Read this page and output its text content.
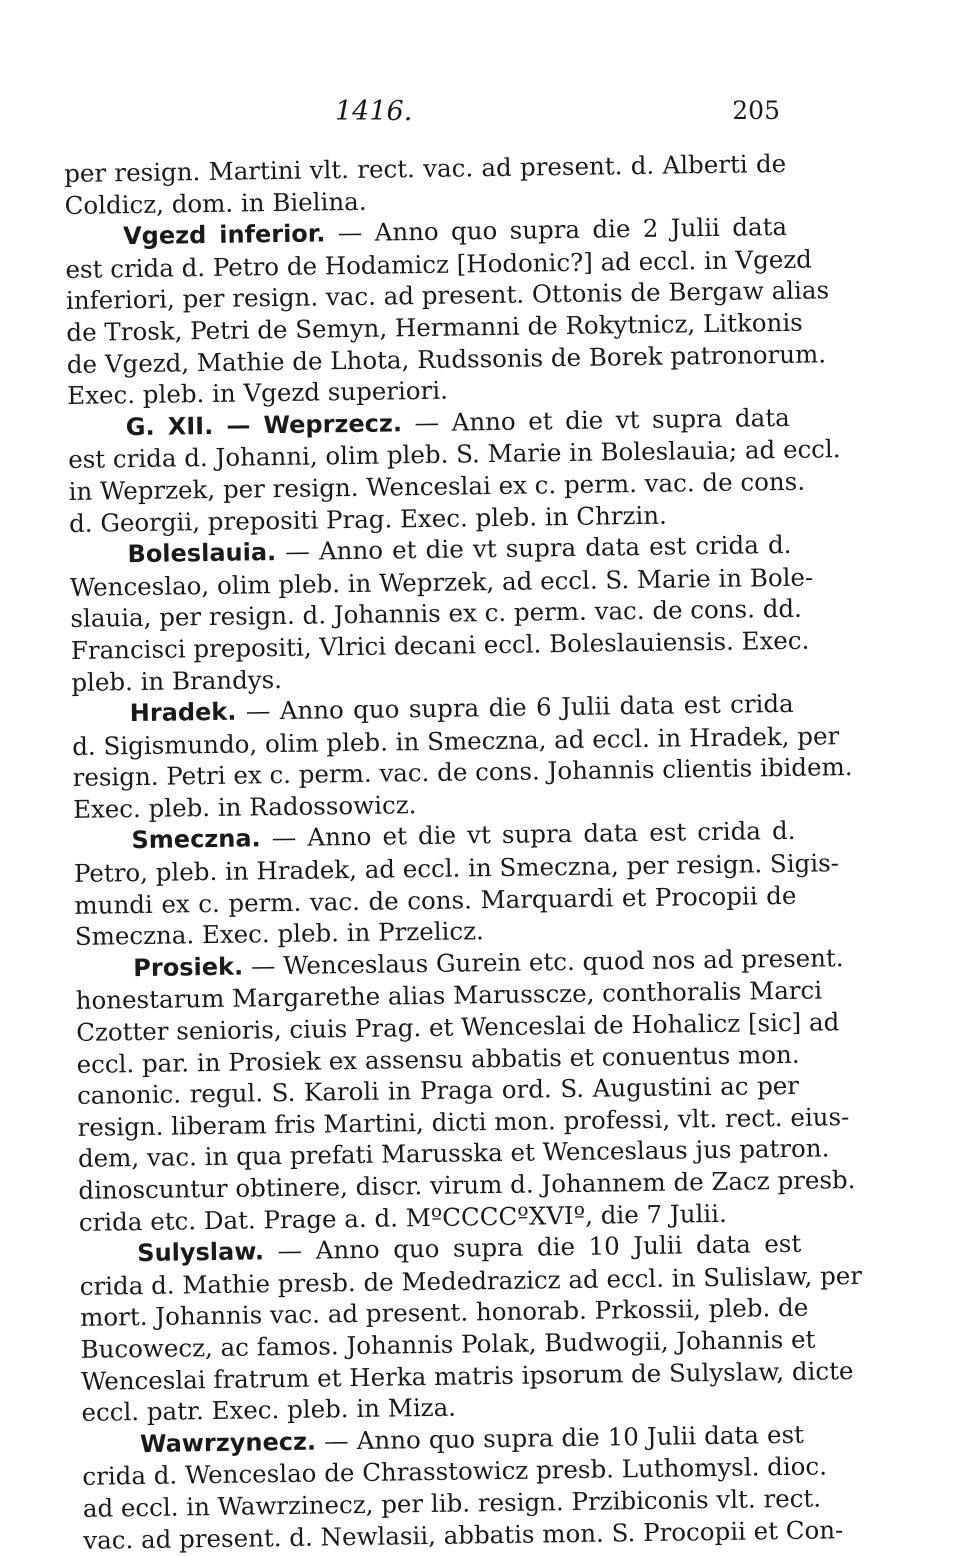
1416.	205
per resign. Martini vlt. rect. vac. ad present. d. Alberti de
Coldicz, dom. in Bielina.
Vgezd inferior. — Anno quo supra die 2 Julii data
est crida d. Petro de Hodamicz [Hodonic?] ad eccl. in Vgezd
inferiori, per resign. vac. ad present. Ottonis de Bergaw alias
de Trosk, Petri de Semyn, Hermanni de Rokytnicz, Litkonis
de Vgezd, Mathie de Lhota, Rudssonis de Borek patronorum.
Exec. pleb. in Vgezd superiori.
G. XII. — Weprzecz. — Anno et die vt supra data
est crida d. Johanni, olim pleb. S. Marie in Boleslauia; ad eccl.
in Weprzek, per resign. Wenceslai ex c. perm. vac. de cons.
d. Georgii, prepositi Prag. Exec. pleb. in Chrzin.
Boleslauia. — Anno et die vt supra data est crida d.
Wenceslao, olim pleb. in Weprzek, ad eccl. S. Marie in Bole-
slauia, per resign. d. Johannis ex c. perm. vac. de cons. dd.
Francisci prepositi, Vlrici decani eccl. Boleslauiensis. Exec.
pleb. in Brandys.
Hradek. — Anno quo supra die 6 Julii data est crida
d. Sigismundo, olim pleb. in Smeczna, ad eccl. in Hradek, per
resign. Petri ex c. perm. vac. de cons. Johannis clientis ibidem.
Exec. pleb. in Radossowicz.
Smeczna. — Anno et die vt supra data est crida d.
Petro, pleb. in Hradek, ad eccl. in Smeczna, per resign. Sigis-
mundi ex c. perm. vac. de cons. Marquardi et Procopii de
Smeczna. Exec. pleb. in Przelicz.
Prosiek. — Wenceslaus Gurein etc. quod nos ad present.
honestarum Margarethe alias Marusscze, conthoralis Marci
Czotter senioris, ciuis Prag. et Wenceslai de Hohalicz [sic] ad
eccl. par. in Prosiek ex assensu abbatis et conuentus mon.
canonic. regul. S. Karoli in Praga ord. S. Augustini ac per
resign. liberam fris Martini, dicti mon. professi, vlt. rect. eius-
dem, vac. in qua prefati Marusska et Wenceslaus jus patron.
dinoscuntur obtinere, discr. virum d. Johannem de Zacz presb.
crida etc. Dat. Prage a. d. MºCCCCºXVIº, die 7 Julii.
Sulyslaw. — Anno quo supra die 10 Julii data est
crida d. Mathie presb. de Mededrazicz ad eccl. in Sulislaw, per
mort. Johannis vac. ad present. honorab. Prkossii, pleb. de
Bucowecz, ac famos. Johannis Polak, Budwogii, Johannis et
Wenceslai fratrum et Herka matris ipsorum de Sulyslaw, dicte
eccl. patr. Exec. pleb. in Miza.
Wawrzynecz. — Anno quo supra die 10 Julii data est
crida d. Wenceslao de Chrasstowicz presb. Luthomysl. dioc.
ad eccl. in Wawrzinecz, per lib. resign. Przibiconis vlt. rect.
vac. ad present. d. Newlasii, abbatis mon. S. Procopii et Con-
